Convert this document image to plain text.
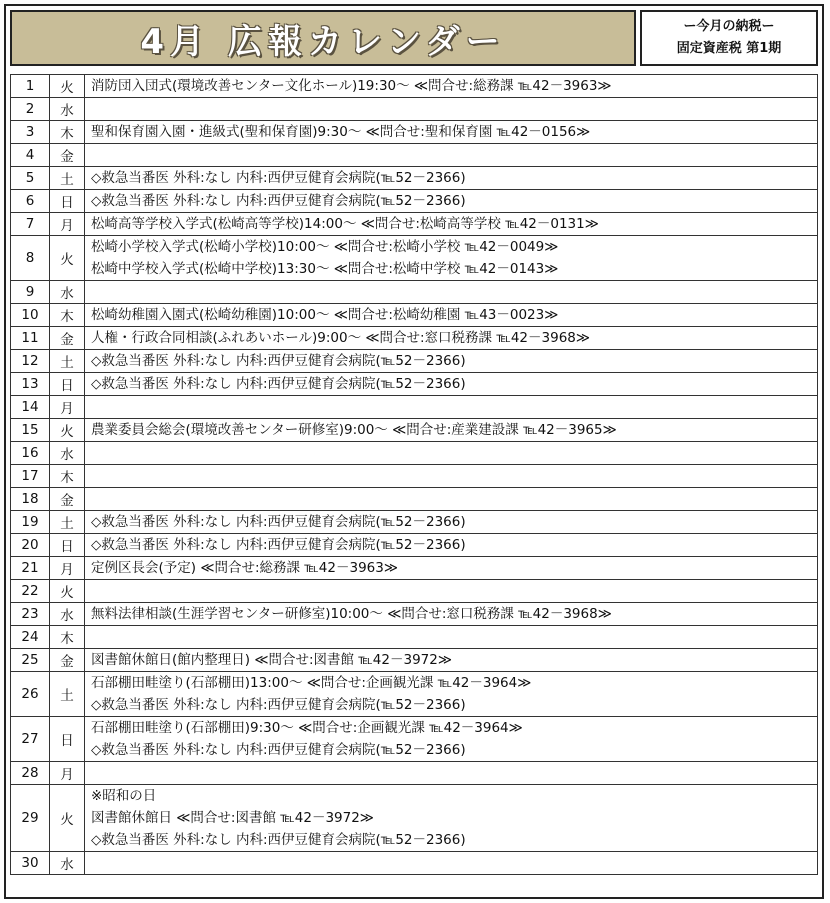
4月 広報カレンダー	ー今月の納税ー
固定資産税 第1期
1	火	消防団入団式(環境改善センター文化ホール)19:30～ ≪問合せ:総務課 ℡42－3963≫

2	水	
3	木	聖和保育園入園・進級式(聖和保育園)9:30～ ≪問合せ:聖和保育園 ℡42－0156≫

4	金	
5	土	◇救急当番医 外科:なし 内科:西伊豆健育会病院(℡52－2366)

6	日	◇救急当番医 外科:なし 内科:西伊豆健育会病院(℡52－2366)

7	月	松崎高等学校入学式(松崎高等学校)14:00～ ≪問合せ:松崎高等学校 ℡42－0131≫

8	火	松崎小学校入学式(松崎小学校)10:00～ ≪問合せ:松崎小学校 ℡42－0049≫
松崎中学校入学式(松崎中学校)13:30～ ≪問合せ:松崎中学校 ℡42－0143≫

9	水	
10	木	松崎幼稚園入園式(松崎幼稚園)10:00～ ≪問合せ:松崎幼稚園 ℡43－0023≫

11	金	人権・行政合同相談(ふれあいホール)9:00～ ≪問合せ:窓口税務課 ℡42－3968≫

12	土	◇救急当番医 外科:なし 内科:西伊豆健育会病院(℡52－2366)

13	日	◇救急当番医 外科:なし 内科:西伊豆健育会病院(℡52－2366)

14	月	
15	火	農業委員会総会(環境改善センター研修室)9:00～ ≪問合せ:産業建設課 ℡42－3965≫

16	水	
17	木	
18	金	
19	土	◇救急当番医 外科:なし 内科:西伊豆健育会病院(℡52－2366)

20	日	◇救急当番医 外科:なし 内科:西伊豆健育会病院(℡52－2366)

21	月	定例区長会(予定) ≪問合せ:総務課 ℡42－3963≫

22	火	
23	水	無料法律相談(生涯学習センター研修室)10:00～ ≪問合せ:窓口税務課 ℡42－3968≫

24	木	
25	金	図書館休館日(館内整理日) ≪問合せ:図書館 ℡42－3972≫

26	土	石部棚田畦塗り(石部棚田)13:00～ ≪問合せ:企画観光課 ℡42－3964≫
◇救急当番医 外科:なし 内科:西伊豆健育会病院(℡52－2366)

27	日	石部棚田畦塗り(石部棚田)9:30～ ≪問合せ:企画観光課 ℡42－3964≫
◇救急当番医 外科:なし 内科:西伊豆健育会病院(℡52－2366)

28	月	
29	火	※昭和の日
図書館休館日 ≪問合せ:図書館 ℡42－3972≫
◇救急当番医 外科:なし 内科:西伊豆健育会病院(℡52－2366)

30	水	
